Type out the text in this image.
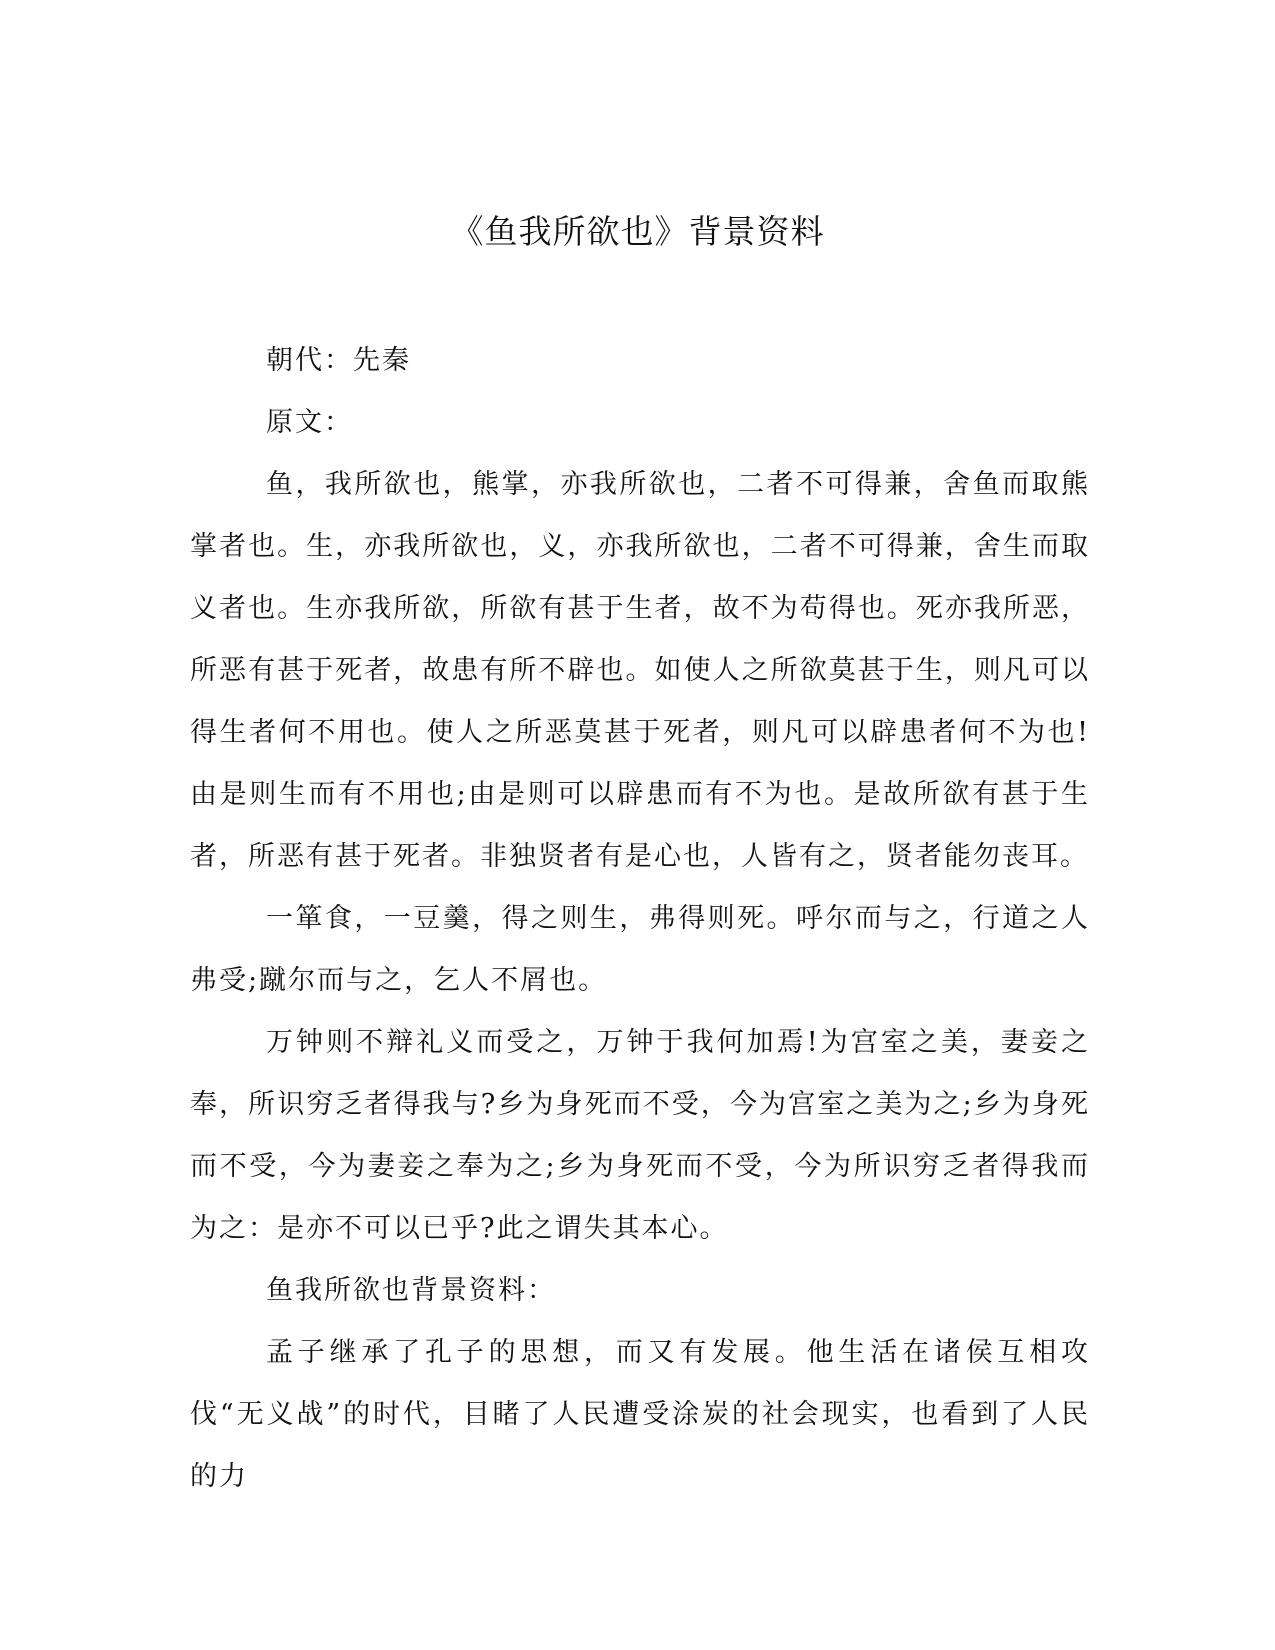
《鱼我所欲也》背景资料

朝代：先秦

原文：

鱼，我所欲也，熊掌，亦我所欲也，二者不可得兼，舍鱼而取熊掌者也。生，亦我所欲也，义，亦我所欲也，二者不可得兼，舍生而取义者也。生亦我所欲，所欲有甚于生者，故不为苟得也。死亦我所恶，所恶有甚于死者，故患有所不辟也。如使人之所欲莫甚于生，则凡可以得生者何不用也。使人之所恶莫甚于死者，则凡可以辟患者何不为也!由是则生而有不用也;由是则可以辟患而有不为也。是故所欲有甚于生者，所恶有甚于死者。非独贤者有是心也，人皆有之，贤者能勿丧耳。

一箪食，一豆羹，得之则生，弗得则死。呼尔而与之，行道之人弗受;蹴尔而与之，乞人不屑也。

万钟则不辩礼义而受之，万钟于我何加焉!为宫室之美，妻妾之奉，所识穷乏者得我与?乡为身死而不受，今为宫室之美为之;乡为身死而不受，今为妻妾之奉为之;乡为身死而不受，今为所识穷乏者得我而为之：是亦不可以已乎?此之谓失其本心。

鱼我所欲也背景资料：

孟子继承了孔子的思想，而又有发展。他生活在诸侯互相攻伐“无义战”的时代，目睹了人民遭受涂炭的社会现实，也看到了人民的力
